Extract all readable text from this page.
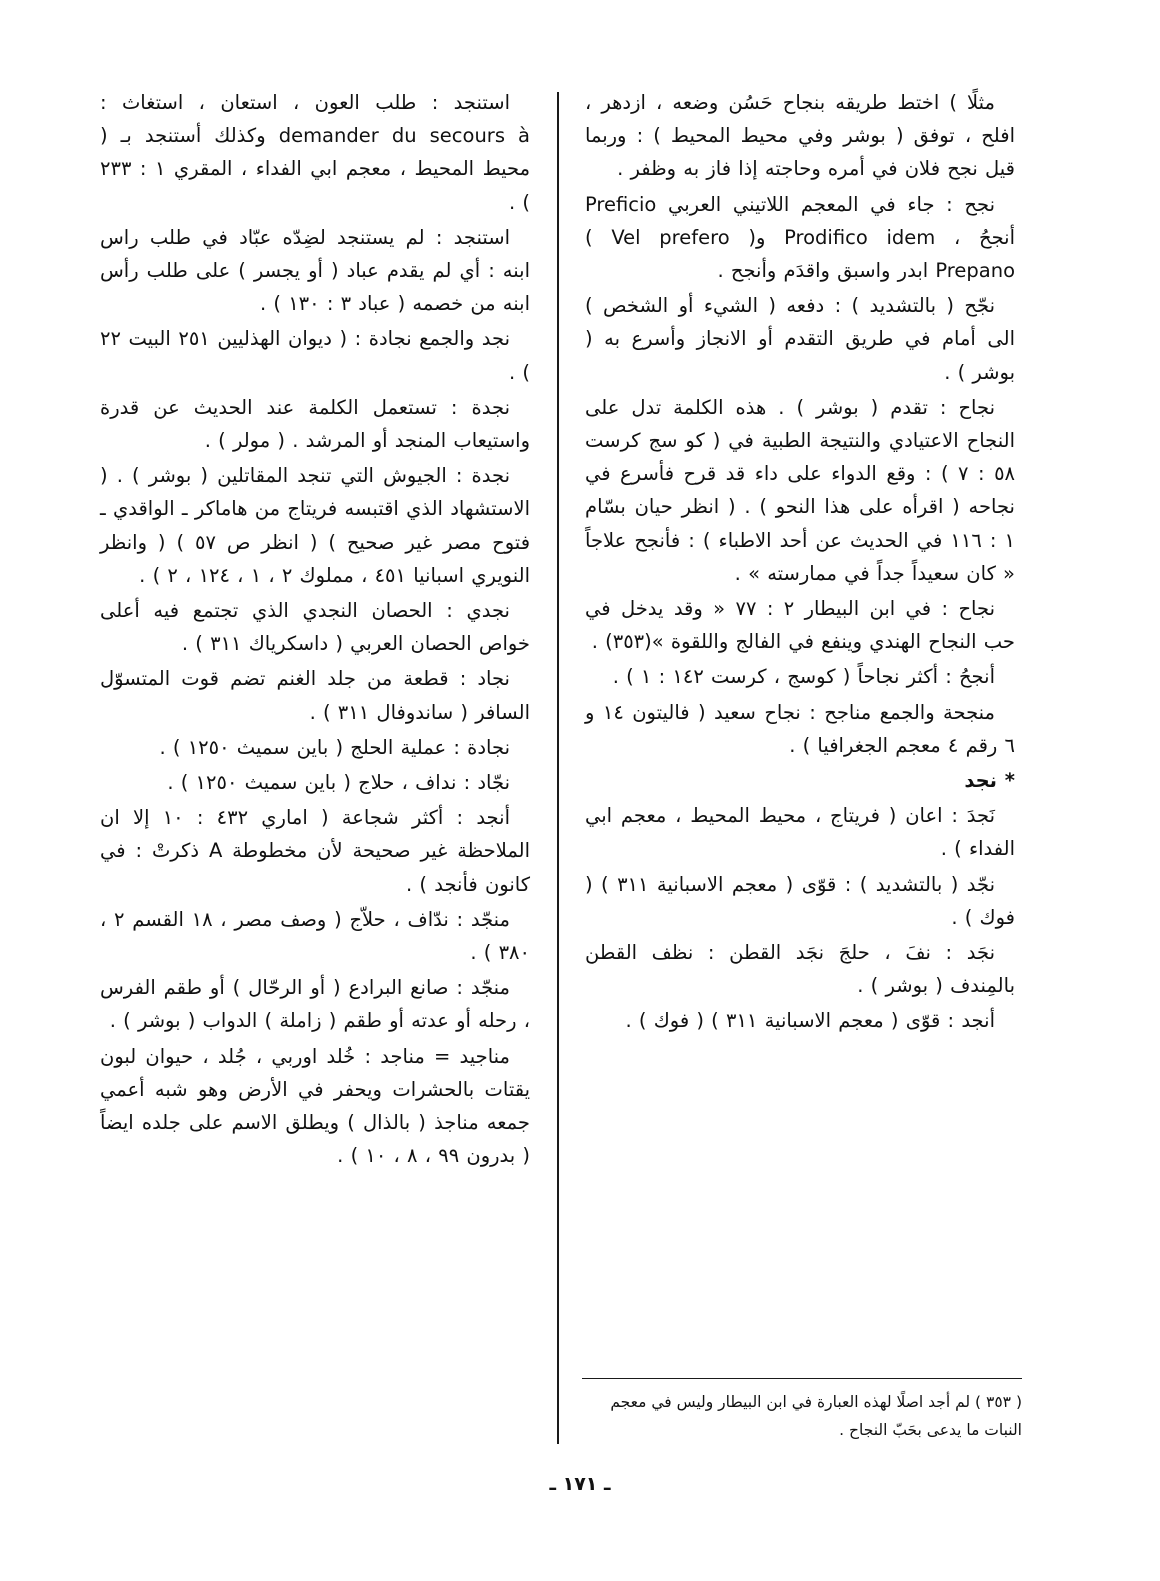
مثلًا ) اختط طريقه بنجاح حَسُن وضعه ، ازدهر ، افلح ، توفق ( بوشر وفي محيط المحيط ) : وربما قيل نجح فلان في أمره وحاجته إذا فاز به وظفر .

نجح : جاء في المعجم اللاتيني العربي Preficio أنجحُ ، Prodifico idem و( Vel prefero ) Prepano ابدر واسبق واقدَم وأنجح .

نجّح ( بالتشديد ) : دفعه ( الشيء أو الشخص ) الى أمام في طريق التقدم أو الانجاز وأسرع به ( بوشر ) .

نجاح : تقدم ( بوشر ) . هذه الكلمة تدل على النجاح الاعتيادي والنتيجة الطبية في ( كو سج كرست ٥٨ : ٧ ) : وقع الدواء على داء قد قرح فأسرع في نجاحه ( اقرأه على هذا النحو ) . ( انظر حيان بسّام ١ : ١١٦ في الحديث عن أحد الاطباء ) : فأنجح علاجاً « كان سعيداً جداً في ممارسته » .

نجاح : في ابن البيطار ٢ : ٧٧ « وقد يدخل في حب النجاح الهندي وينفع في الفالج واللقوة »(٣٥٣) .

أنجحُ : أكثر نجاحاً ( كوسج ، كرست ١٤٢ : ١ ) .

منجحة والجمع مناجح : نجاح سعيد ( فاليتون ١٤ و ٦ رقم ٤ معجم الجغرافيا ) .

* نجد

نَجدَ : اعان ( فريتاج ، محيط المحيط ، معجم ابي الفداء ) .

نجّد ( بالتشديد ) : قوّى ( معجم الاسبانية ٣١١ ) ( فوك ) .

نجَد : نفَ ، حلجَ نجَد القطن : نظف القطن بالمِندف ( بوشر ) .

أنجد : قوّى ( معجم الاسبانية ٣١١ ) ( فوك ) .

استنجد : طلب العون ، استعان ، استغاث : demander du secours à وكذلك أستنجد بـ ( محيط المحيط ، معجم ابي الفداء ، المقري ١ : ٢٣٣ ) .

استنجد : لم يستنجد لضِدّه عبّاد في طلب راس ابنه : أي لم يقدم عباد ( أو يجسر ) على طلب رأس ابنه من خصمه ( عباد ٣ : ١٣٠ ) .

نجد والجمع نجادة : ( ديوان الهذليين ٢٥١ البيت ٢٢ ) .

نجدة : تستعمل الكلمة عند الحديث عن قدرة واستيعاب المنجد أو المرشد . ( مولر ) .

نجدة : الجيوش التي تنجد المقاتلين ( بوشر ) . ( الاستشهاد الذي اقتبسه فريتاج من هاماكر ـ الواقدي ـ فتوح مصر غير صحيح ) ( انظر ص ٥٧ ) ( وانظر النويري اسبانيا ٤٥١ ، مملوك ٢ ، ١ ، ١٢٤ ، ٢ ) .

نجدي : الحصان النجدي الذي تجتمع فيه أعلى خواص الحصان العربي ( داسكرياك ٣١١ ) .

نجاد : قطعة من جلد الغنم تضم قوت المتسوّل السافر ( ساندوفال ٣١١ ) .

نجادة : عملية الحلج ( باين سميث ١٢٥٠ ) .

نجّاد : نداف ، حلاج ( باين سميث ١٢٥٠ ) .

أنجد : أكثر شجاعة ( اماري ٤٣٢ : ١٠ إلا ان الملاحظة غير صحيحة لأن مخطوطة A ذكرتْ : في كانون فأنجد ) .

منجّد : ندّاف ، حلاّج ( وصف مصر ، ١٨ القسم ٢ ، ٣٨٠ ) .

منجّد : صانع البرادع ( أو الرحّال ) أو طقم الفرس ، رحله أو عدته أو طقم ( زاملة ) الدواب ( بوشر ) .

مناجيد = مناجد : خُلد اوربي ، جُلد ، حيوان لبون يقتات بالحشرات ويحفر في الأرض وهو شبه أعمي جمعه مناجذ ( بالذال ) ويطلق الاسم على جلده ايضاً ( بدرون ٩٩ ، ٨ ، ١٠ ) .

( ٣٥٣ ) لم أجد اصلًا لهذه العبارة في ابن البيطار وليس في معجم النبات ما يدعى بحَبّ النجاح .
ـ ١٧١ ـ
